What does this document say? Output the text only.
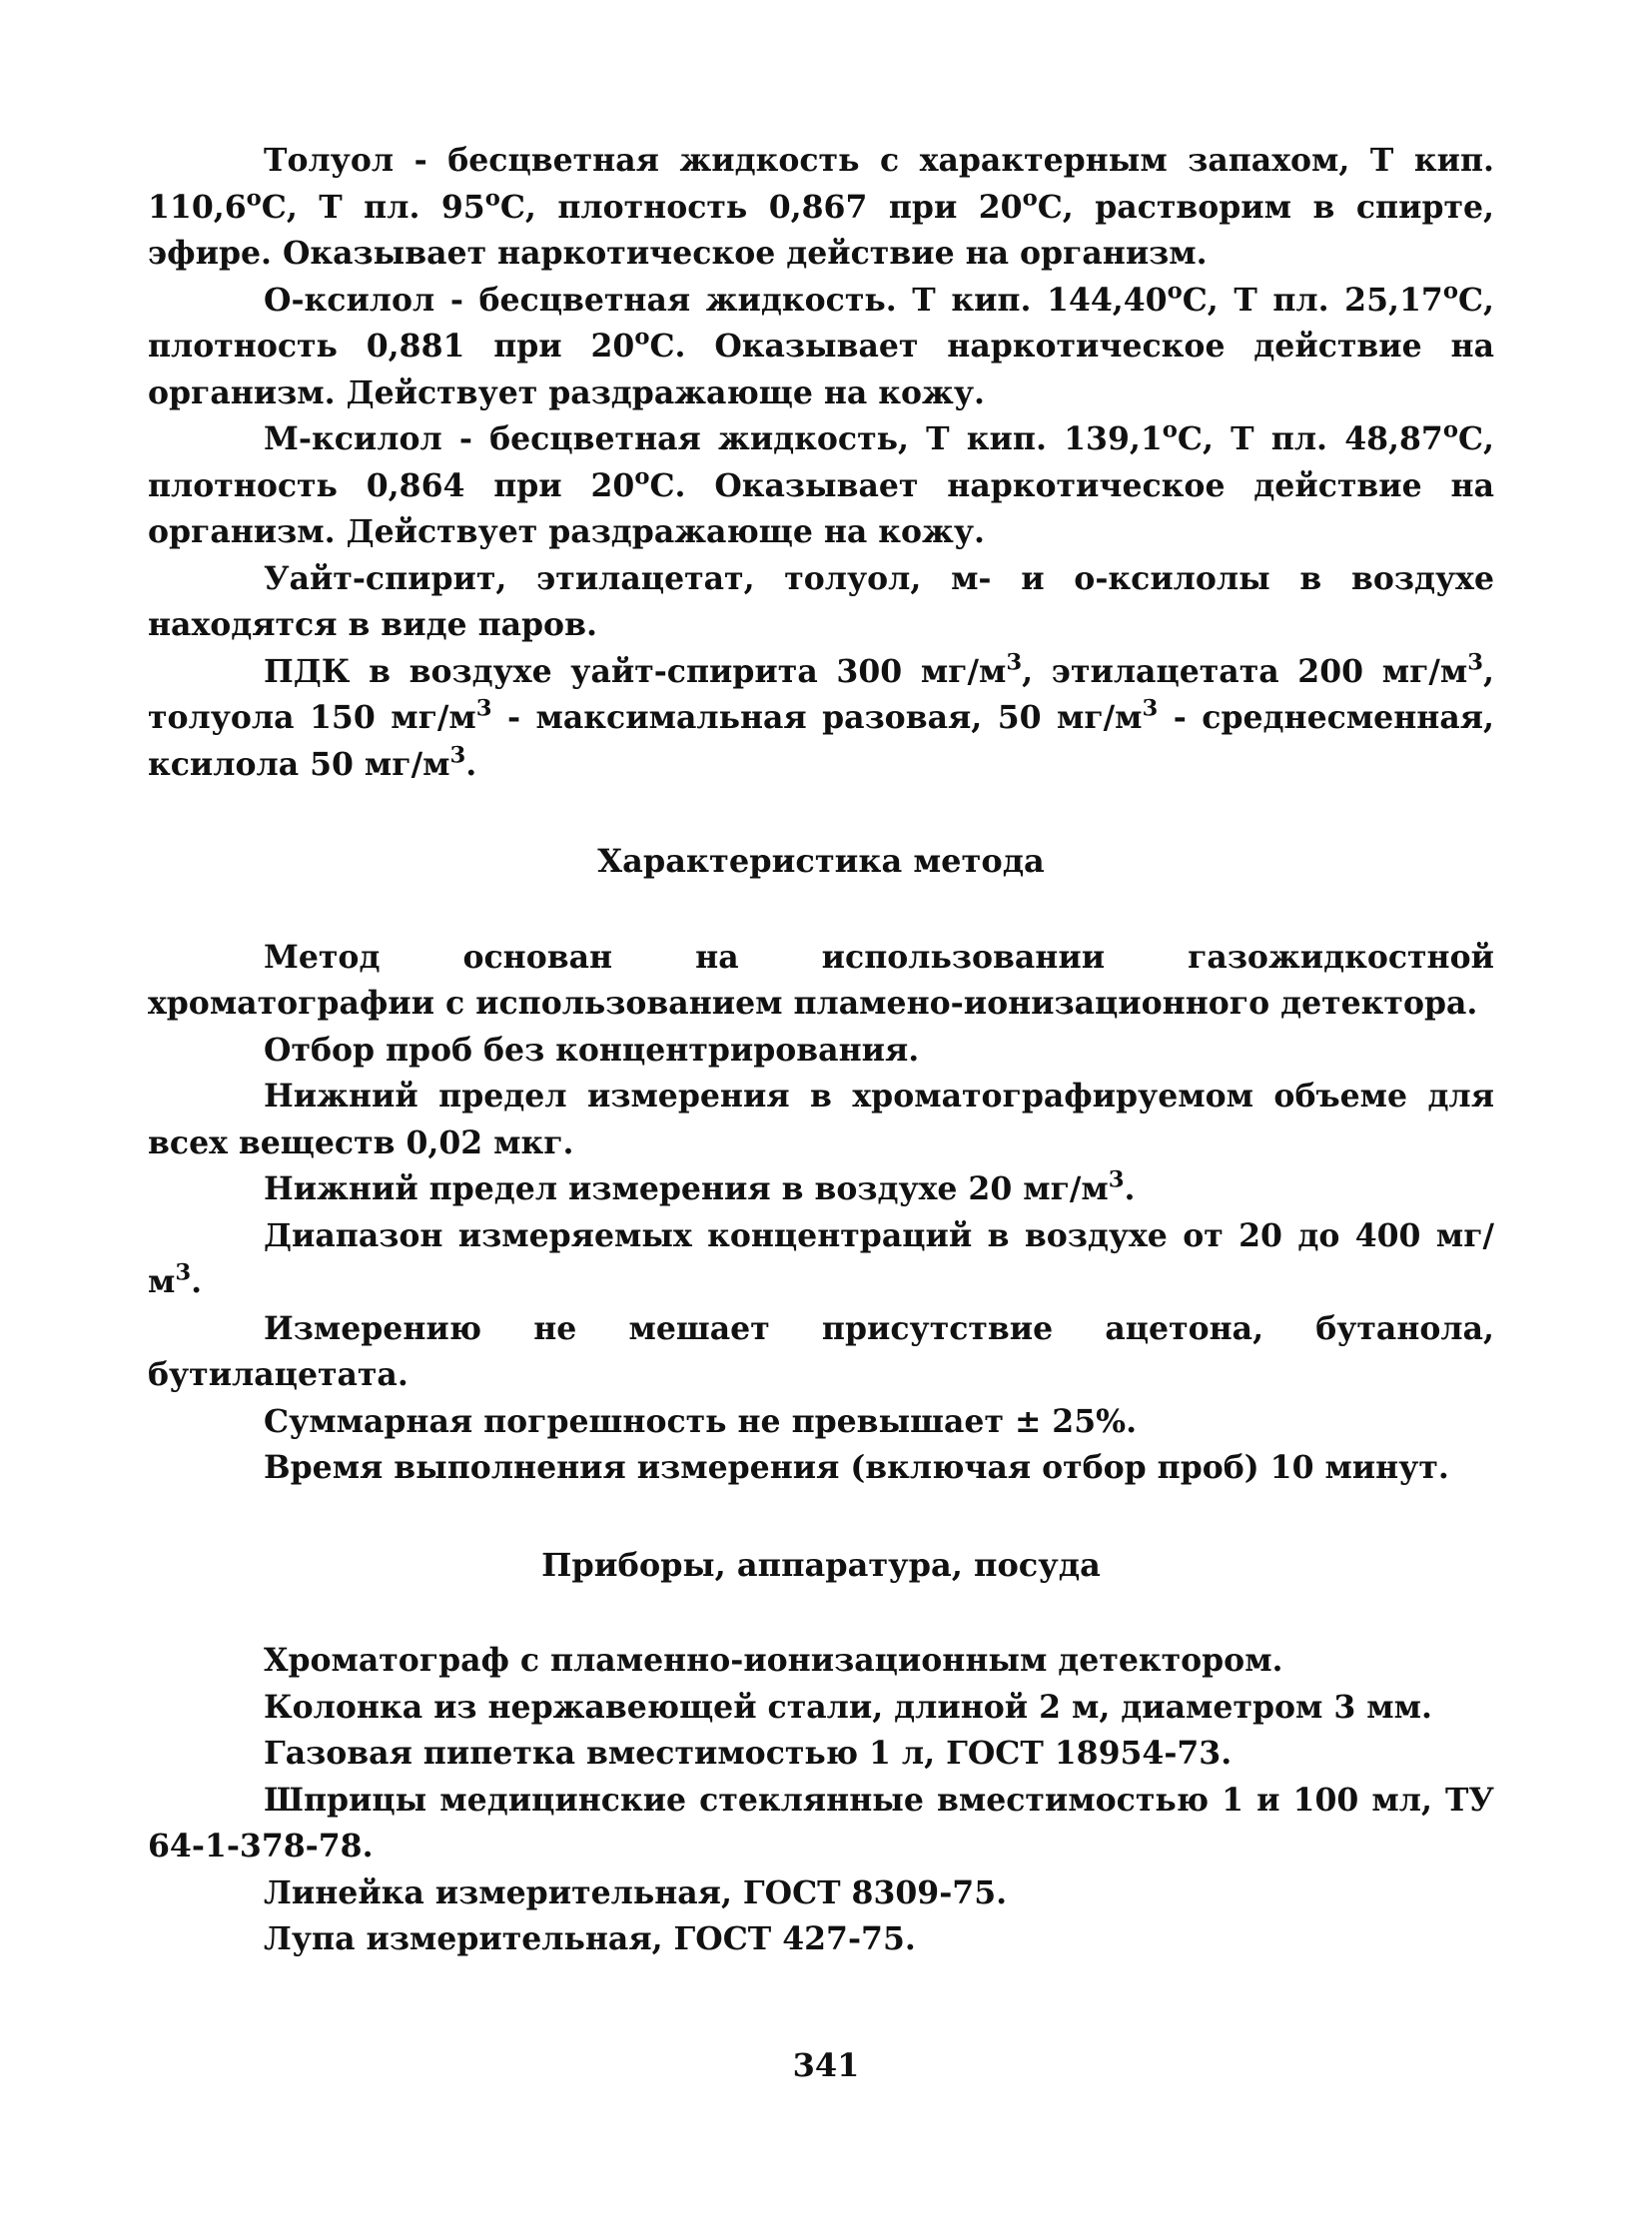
Толуол - бесцветная жидкость с характерным запахом, Т кип. $110,6^оС$, Т пл. $95^оС$, плотность 0,867 при $20^оС$, растворим в спирте, эфире. Оказывает наркотическое действие на организм.

О-ксилол - бесцветная жидкость. Т кип. $144,40^оС$, Т пл. $25,17^оС$, плотность 0,881 при $20^оС$. Оказывает наркотическое действие на организм. Действует раздражающе на кожу.

М-ксилол - бесцветная жидкость, Т кип. $139,1^оС$, Т пл. $48,87^оС$, плотность 0,864 при $20^оС$. Оказывает наркотическое действие на организм. Действует раздражающе на кожу.

Уайт-спирит, этилацетат, толуол, м- и о-ксилолы в воздухе находятся в виде паров.

ПДК в воздухе уайт-спирита 300 $мг/м^3$, этилацетата 200 $мг/м^3$, толуола 150 $мг/м^3$ - максимальная разовая, 50 $мг/м^3$ - среднесменная, ксилола 50 $мг/м^3$.

Характеристика метода

Метод основан на использовании газожидкостной хроматографии с использованием пламено-ионизационного детектора.

Отбор проб без концентрирования.

Нижний предел измерения в хроматографируемом объеме для всех веществ 0,02 мкг.

Нижний предел измерения в воздухе 20 $мг/м^3$.

Диапазон измеряемых концентраций в воздухе от 20 до 400 $мг/м^3$.

Измерению не мешает присутствие ацетона, бутанола, бутилацетата.

Суммарная погрешность не превышает ± 25%.

Время выполнения измерения (включая отбор проб) 10 минут.

Приборы, аппаратура, посуда

Хроматограф с пламенно-ионизационным детектором.

Колонка из нержавеющей стали, длиной 2 м, диаметром 3 мм.

Газовая пипетка вместимостью 1 л, ГОСТ 18954-73.

Шприцы медицинские стеклянные вместимостью 1 и 100 мл, ТУ 64-1-378-78.

Линейка измерительная, ГОСТ 8309-75.

Лупа измерительная, ГОСТ 427-75.

341
